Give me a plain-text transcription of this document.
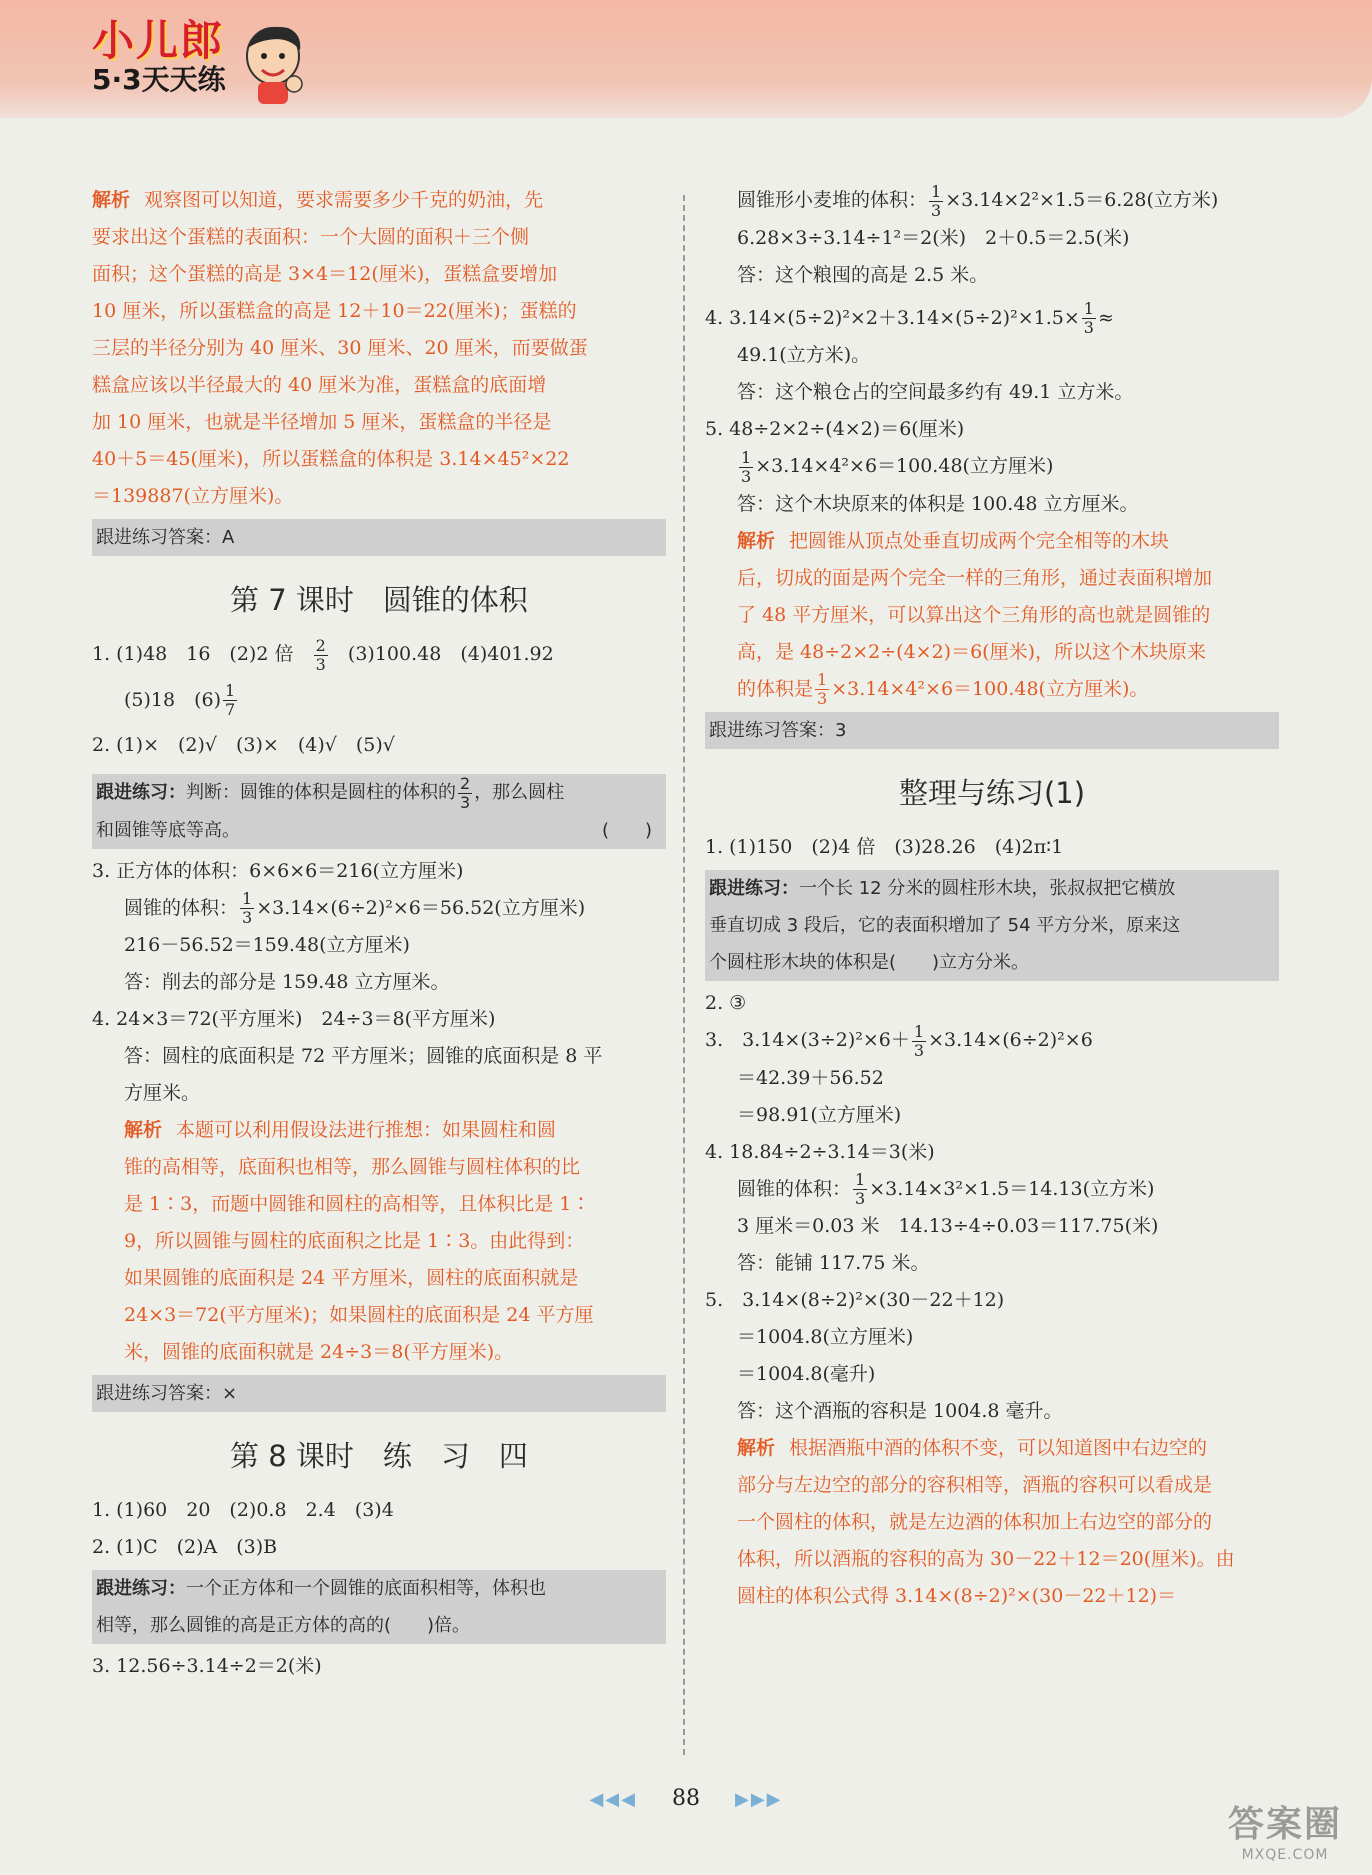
小儿郎
5·3天天练

解析 观察图可以知道，要求需要多少千克的奶油，先

要求出这个蛋糕的表面积：一个大圆的面积＋三个侧

面积；这个蛋糕的高是 3×4＝12(厘米)，蛋糕盒要增加

10 厘米，所以蛋糕盒的高是 12＋10＝22(厘米)；蛋糕的

三层的半径分别为 40 厘米、30 厘米、20 厘米，而要做蛋

糕盒应该以半径最大的 40 厘米为准，蛋糕盒的底面增

加 10 厘米，也就是半径增加 5 厘米，蛋糕盒的半径是

40＋5＝45(厘米)，所以蛋糕盒的体积是 3.14×45²×22

＝139887(立方厘米)。

跟进练习答案：A
第 7 课时　圆锥的体积

1. (1)48　16　(2)2 倍 $\frac{2}{3} (3)100.48$　(4)401.92

(5)18　$(6) \frac{1}{7}$

2. (1)×　(2)√　(3)×　(4)√　(5)√

跟进练习：判断：圆锥的体积是圆柱的体积的 $\frac{2}{3}$ ，那么圆柱
和圆锥等底等高。	(　　)

3. 正方体的体积：6×6×6＝216(立方厘米)

圆锥的体积： $\frac{1}{3} \times 3.14\times(6\div 2)^2\times 6=56.52$(立方厘米)

216－56.52＝159.48(立方厘米)

答：削去的部分是 159.48 立方厘米。

4. 24×3＝72(平方厘米)　24÷3＝8(平方厘米)

答：圆柱的底面积是 72 平方厘米；圆锥的底面积是 8 平

方厘米。

解析 本题可以利用假设法进行推想：如果圆柱和圆

锥的高相等，底面积也相等，那么圆锥与圆柱体积的比

是 1∶3，而题中圆锥和圆柱的高相等，且体积比是 1∶

9，所以圆锥与圆柱的底面积之比是 1∶3。由此得到：

如果圆锥的底面积是 24 平方厘米，圆柱的底面积就是

24×3＝72(平方厘米)；如果圆柱的底面积是 24 平方厘

米，圆锥的底面积就是 24÷3＝8(平方厘米)。

跟进练习答案：×
第 8 课时　练　习　四

1. (1)60　20　(2)0.8　2.4　(3)4

2. (1)C　(2)A　(3)B

跟进练习：一个正方体和一个圆锥的底面积相等，体积也
相等，那么圆锥的高是正方体的高的(　　)倍。

3. 12.56÷3.14÷2＝2(米)

圆锥形小麦堆的体积： $\frac{1}{3} \times 3.14\times 2^2\times 1.5=6.28$(立方米)

6.28×3÷3.14÷1²＝2(米)　2＋0.5＝2.5(米)

答：这个粮囤的高是 2.5 米。

4. $3.14\times(5\div 2)^2\times 2+3.14\times(5\div 2)^2\times 1.5\times \frac{1}{3}$ ≈

49.1(立方米)。

答：这个粮仓占的空间最多约有 49.1 立方米。

5. 48÷2×2÷(4×2)＝6(厘米)

$\frac{1}{3} \times 3.14\times 4^2\times 6=100.48$(立方厘米)

答：这个木块原来的体积是 100.48 立方厘米。

解析 把圆锥从顶点处垂直切成两个完全相等的木块

后，切成的面是两个完全一样的三角形，通过表面积增加

了 48 平方厘米，可以算出这个三角形的高也就是圆锥的

高，是 48÷2×2÷(4×2)＝6(厘米)，所以这个木块原来

的体积是 $\frac{1}{3} \times 3.14\times 4^2\times 6=100.48$(立方厘米)。

跟进练习答案：3
整理与练习(1)

1. (1)150　(2)4 倍　(3)28.26　(4)2π∶1

跟进练习：一个长 12 分米的圆柱形木块，张叔叔把它横放
垂直切成 3 段后，它的表面积增加了 54 平方分米，原来这
个圆柱形木块的体积是(　　)立方分米。

2. ③

3.　$3.14\times(3\div 2)^2\times 6+ \frac{1}{3} \times 3.14\times(6\div 2)^2\times 6$

＝42.39＋56.52

＝98.91(立方厘米)

4. 18.84÷2÷3.14＝3(米)

圆锥的体积： $\frac{1}{3} \times 3.14\times 3^2\times 1.5=14.13$(立方米)

3 厘米＝0.03 米　14.13÷4÷0.03＝117.75(米)

答：能铺 117.75 米。

5.　3.14×(8÷2)²×(30－22＋12)

＝1004.8(立方厘米)

＝1004.8(毫升)

答：这个酒瓶的容积是 1004.8 毫升。

解析 根据酒瓶中酒的体积不变，可以知道图中右边空的

部分与左边空的部分的容积相等，酒瓶的容积可以看成是

一个圆柱的体积，就是左边酒的体积加上右边空的部分的

体积，所以酒瓶的容积的高为 30－22＋12＝20(厘米)。由

圆柱的体积公式得 3.14×(8÷2)²×(30－22＋12)＝

◀◀◀ 88 ▶▶▶
答案圈
MXQE.COM
